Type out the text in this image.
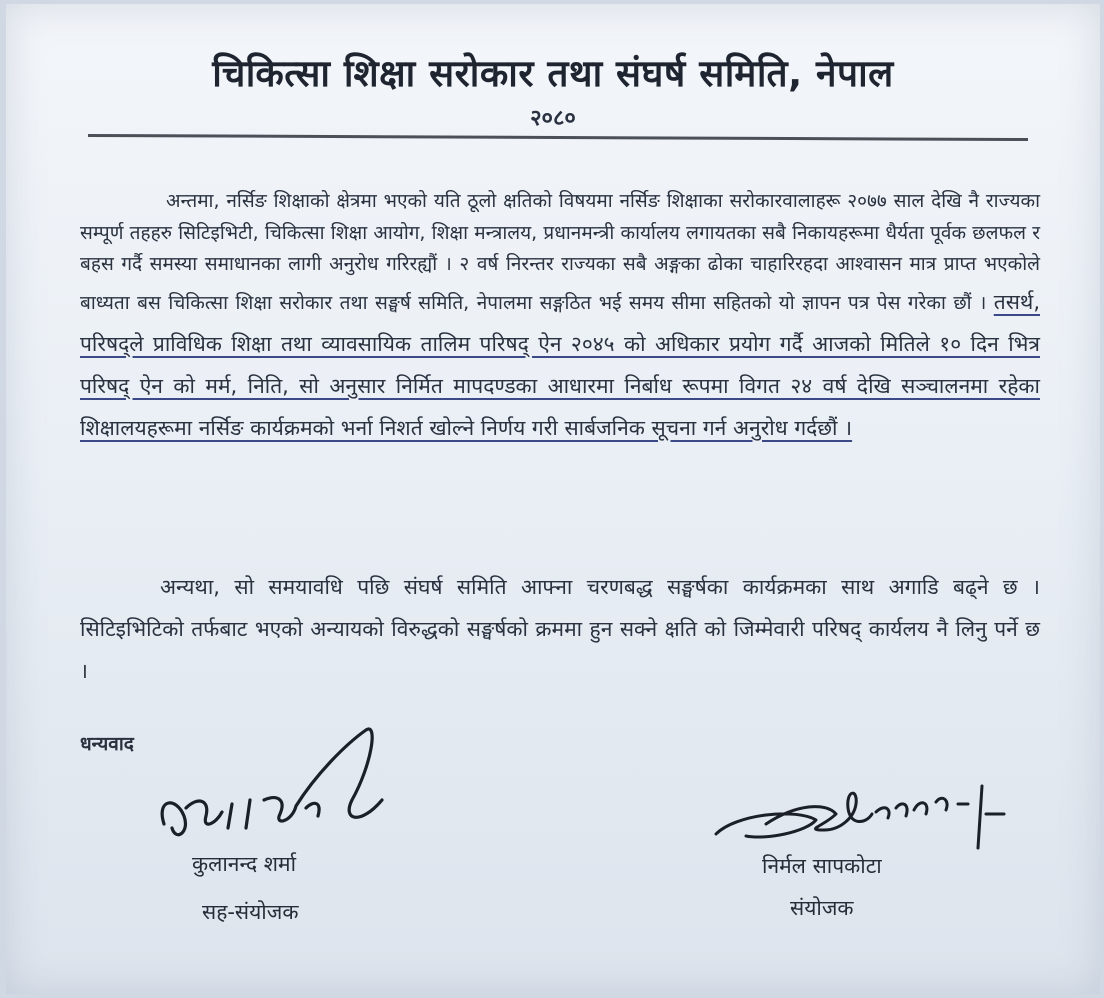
चिकित्सा शिक्षा सरोकार तथा संघर्ष समिति, नेपाल
२०८०
अन्तमा, नर्सिङ शिक्षाको क्षेत्रमा भएको यति ठूलो क्षतिको विषयमा नर्सिङ शिक्षाका सरोकारवालाहरू २०७७ साल देखि नै राज्यका सम्पूर्ण तहहरु सिटिइभिटी, चिकित्सा शिक्षा आयोग, शिक्षा मन्त्रालय, प्रधानमन्त्री कार्यालय लगायतका सबै निकायहरूमा धैर्यता पूर्वक छलफल र बहस गर्दै समस्या समाधानका लागी अनुरोध गरिरह्यौं । २ वर्ष निरन्तर राज्यका सबै अङ्गका ढोका चाहारिरहदा आश्वासन मात्र प्राप्त भएकोले बाध्यता बस चिकित्सा शिक्षा सरोकार तथा सङ्घर्ष समिति, नेपालमा सङ्गठित भई समय सीमा सहितको यो ज्ञापन पत्र पेस गरेका छौं । तसर्थ, परिषद्ले प्राविधिक शिक्षा तथा व्यावसायिक तालिम परिषद् ऐन २०४५ को अधिकार प्रयोग गर्दै आजको मितिले १० दिन भित्र परिषद् ऐन को मर्म, निति, सो अनुसार निर्मित मापदण्डका आधारमा निर्बाध रूपमा विगत २४ वर्ष देखि सञ्चालनमा रहेका शिक्षालयहरूमा नर्सिङ कार्यक्रमको भर्ना निशर्त खोल्ने निर्णय गरी सार्बजनिक सूचना गर्न अनुरोध गर्दछौं ।
अन्यथा, सो समयावधि पछि संघर्ष समिति आफ्ना चरणबद्ध सङ्घर्षका कार्यक्रमका साथ अगाडि बढ्ने छ । सिटिइभिटिको तर्फबाट भएको अन्यायको विरुद्धको सङ्घर्षको क्रममा हुन सक्ने क्षति को जिम्मेवारी परिषद् कार्यलय नै लिनु पर्ने छ ।
धन्यवाद
कुलानन्द शर्मा
सह-संयोजक
निर्मल सापकोटा
संयोजक
